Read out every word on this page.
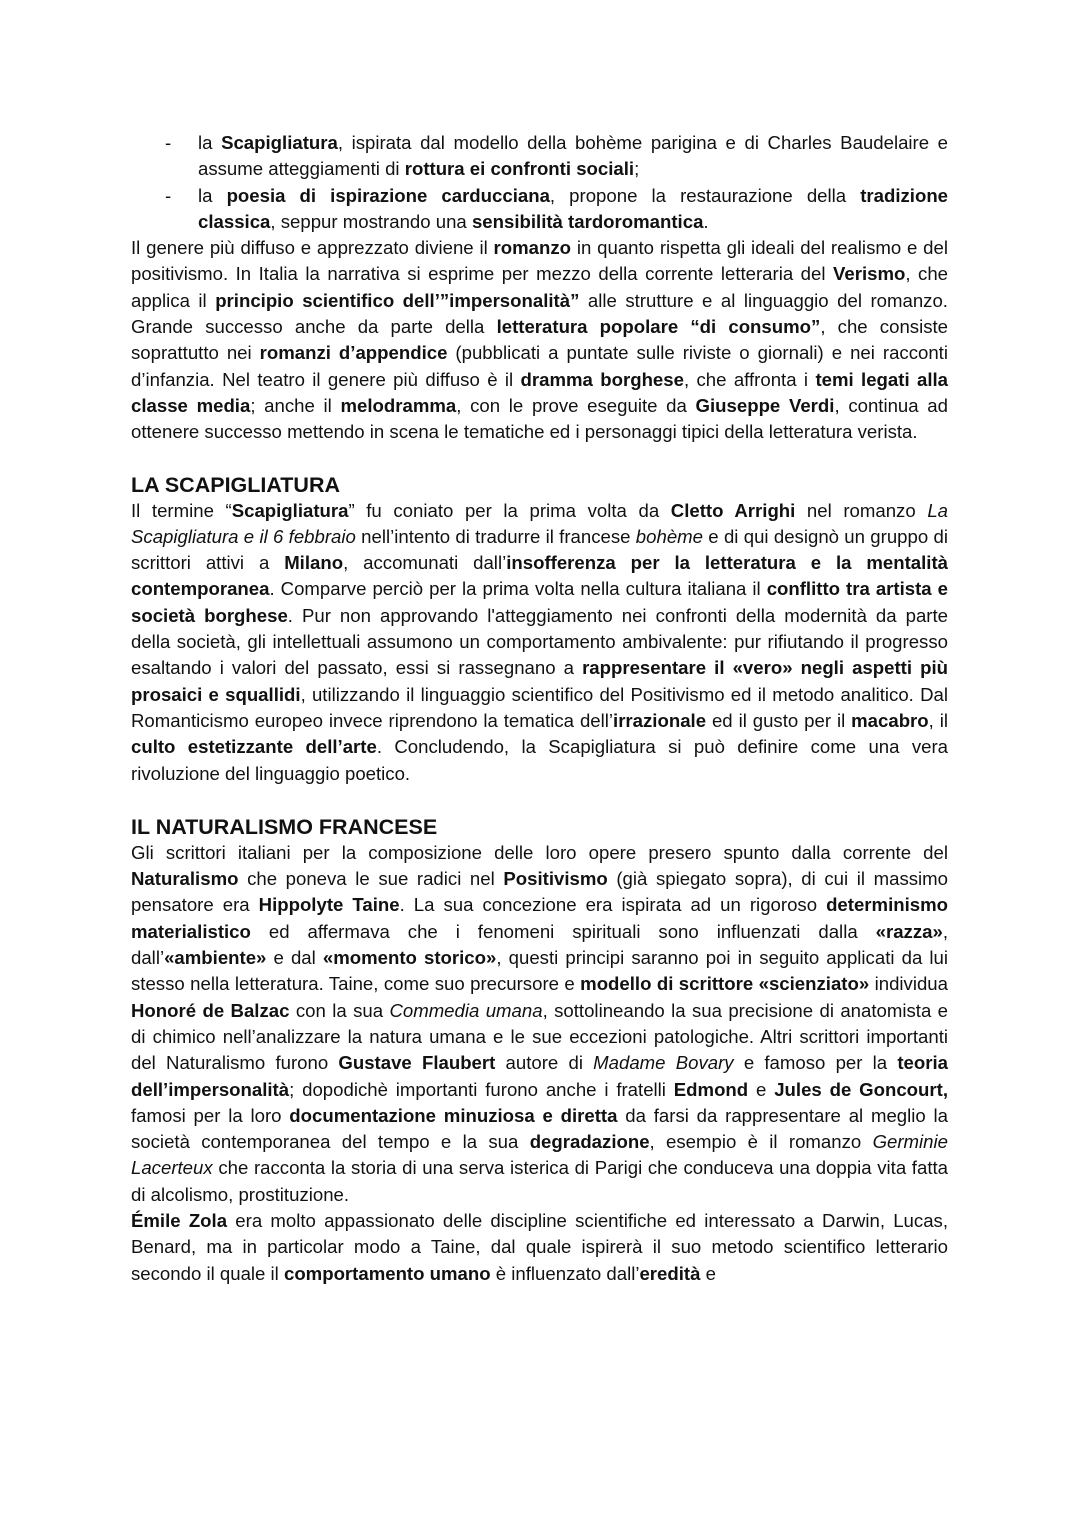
- la Scapigliatura, ispirata dal modello della bohème parigina e di Charles Baudelaire e assume atteggiamenti di rottura ei confronti sociali;
- la poesia di ispirazione carducciana, propone la restaurazione della tradizione classica, seppur mostrando una sensibilità tardoromantica.

Il genere più diffuso e apprezzato diviene il romanzo in quanto rispetta gli ideali del realismo e del positivismo. In Italia la narrativa si esprime per mezzo della corrente letteraria del Verismo, che applica il principio scientifico dell’”impersonalità” alle strutture e al linguaggio del romanzo. Grande successo anche da parte della letteratura popolare “di consumo”, che consiste soprattutto nei romanzi d’appendice (pubblicati a puntate sulle riviste o giornali) e nei racconti d’infanzia. Nel teatro il genere più diffuso è il dramma borghese, che affronta i temi legati alla classe media; anche il melodramma, con le prove eseguite da Giuseppe Verdi, continua ad ottenere successo mettendo in scena le tematiche ed i personaggi tipici della letteratura verista.

LA SCAPIGLIATURA

Il termine “Scapigliatura” fu coniato per la prima volta da Cletto Arrighi nel romanzo La Scapigliatura e il 6 febbraio nell’intento di tradurre il francese bohème e di qui designò un gruppo di scrittori attivi a Milano, accomunati dall’insofferenza per la letteratura e la mentalità contemporanea. Comparve perciò per la prima volta nella cultura italiana il conflitto tra artista e società borghese. Pur non approvando l'atteggiamento nei confronti della modernità da parte della società, gli intellettuali assumono un comportamento ambivalente: pur rifiutando il progresso esaltando i valori del passato, essi si rassegnano a rappresentare il «vero» negli aspetti più prosaici e squallidi, utilizzando il linguaggio scientifico del Positivismo ed il metodo analitico. Dal Romanticismo europeo invece riprendono la tematica dell’irrazionale ed il gusto per il macabro, il culto estetizzante dell’arte. Concludendo, la Scapigliatura si può definire come una vera rivoluzione del linguaggio poetico.

IL NATURALISMO FRANCESE

Gli scrittori italiani per la composizione delle loro opere presero spunto dalla corrente del Naturalismo che poneva le sue radici nel Positivismo (già spiegato sopra), di cui il massimo pensatore era Hippolyte Taine. La sua concezione era ispirata ad un rigoroso determinismo materialistico ed affermava che i fenomeni spirituali sono influenzati dalla «razza», dall’«ambiente» e dal «momento storico», questi principi saranno poi in seguito applicati da lui stesso nella letteratura. Taine, come suo precursore e modello di scrittore «scienziato» individua Honoré de Balzac con la sua Commedia umana, sottolineando la sua precisione di anatomista e di chimico nell’analizzare la natura umana e le sue eccezioni patologiche. Altri scrittori importanti del Naturalismo furono Gustave Flaubert autore di Madame Bovary e famoso per la teoria dell’impersonalità; dopodichè importanti furono anche i fratelli Edmond e Jules de Goncourt, famosi per la loro documentazione minuziosa e diretta da farsi da rappresentare al meglio la società contemporanea del tempo e la sua degradazione, esempio è il romanzo Germinie Lacerteux che racconta la storia di una serva isterica di Parigi che conduceva una doppia vita fatta di alcolismo, prostituzione.

Émile Zola era molto appassionato delle discipline scientifiche ed interessato a Darwin, Lucas, Benard, ma in particolar modo a Taine, dal quale ispirerà il suo metodo scientifico letterario secondo il quale il comportamento umano è influenzato dall’eredità e
